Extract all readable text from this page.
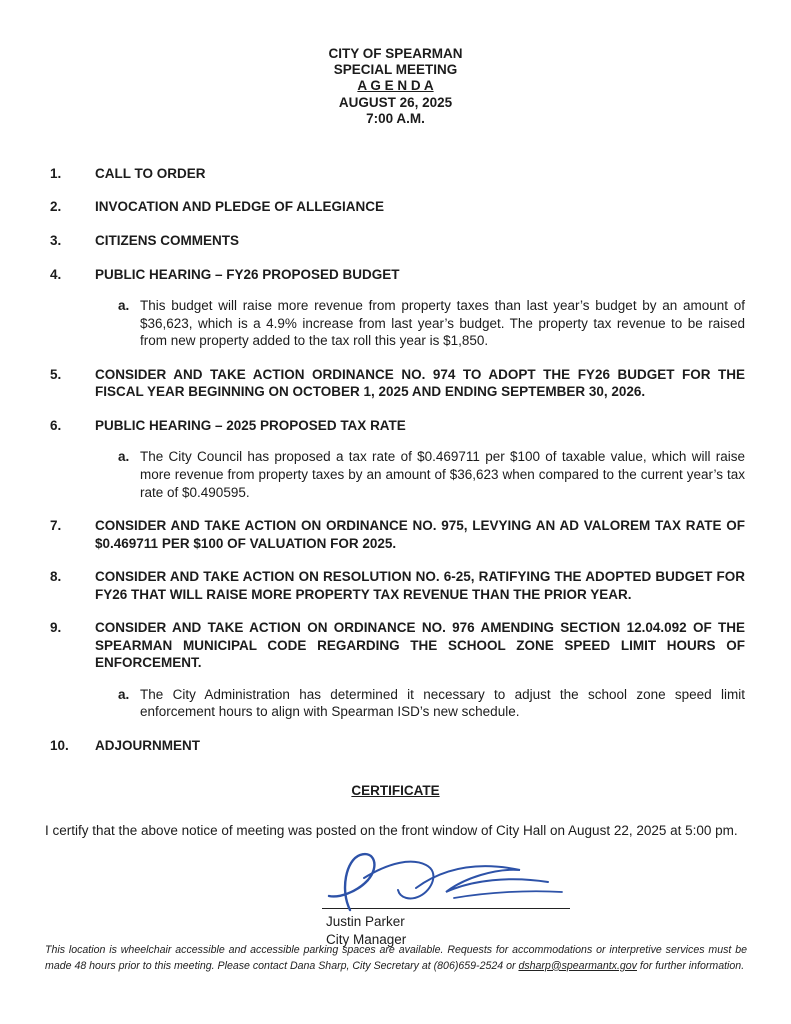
CITY OF SPEARMAN
SPECIAL MEETING
A G E N D A
AUGUST 26, 2025
7:00 A.M.
1.	CALL TO ORDER
2.	INVOCATION AND PLEDGE OF ALLEGIANCE
3.	CITIZENS COMMENTS
4.	PUBLIC HEARING – FY26 PROPOSED BUDGET
a. This budget will raise more revenue from property taxes than last year’s budget by an amount of $36,623, which is a 4.9% increase from last year’s budget. The property tax revenue to be raised from new property added to the tax roll this year is $1,850.
5.	CONSIDER AND TAKE ACTION ORDINANCE NO. 974 TO ADOPT THE FY26 BUDGET FOR THE FISCAL YEAR BEGINNING ON OCTOBER 1, 2025 AND ENDING SEPTEMBER 30, 2026.
6.	PUBLIC HEARING – 2025 PROPOSED TAX RATE
a. The City Council has proposed a tax rate of $0.469711 per $100 of taxable value, which will raise more revenue from property taxes by an amount of $36,623 when compared to the current year’s tax rate of $0.490595.
7.	CONSIDER AND TAKE ACTION ON ORDINANCE NO. 975, LEVYING AN AD VALOREM TAX RATE OF $0.469711 PER $100 OF VALUATION FOR 2025.
8.	CONSIDER AND TAKE ACTION ON RESOLUTION NO. 6-25, RATIFYING THE ADOPTED BUDGET FOR FY26 THAT WILL RAISE MORE PROPERTY TAX REVENUE THAN THE PRIOR YEAR.
9.	CONSIDER AND TAKE ACTION ON ORDINANCE NO. 976 AMENDING SECTION 12.04.092 OF THE SPEARMAN MUNICIPAL CODE REGARDING THE SCHOOL ZONE SPEED LIMIT HOURS OF ENFORCEMENT.
a. The City Administration has determined it necessary to adjust the school zone speed limit enforcement hours to align with Spearman ISD’s new schedule.
10.	ADJOURNMENT
CERTIFICATE
I certify that the above notice of meeting was posted on the front window of City Hall on August 22, 2025 at 5:00 pm.
Justin Parker
City Manager
This location is wheelchair accessible and accessible parking spaces are available. Requests for accommodations or interpretive services must be made 48 hours prior to this meeting. Please contact Dana Sharp, City Secretary at (806)659-2524 or dsharp@spearmantx.gov for further information.
